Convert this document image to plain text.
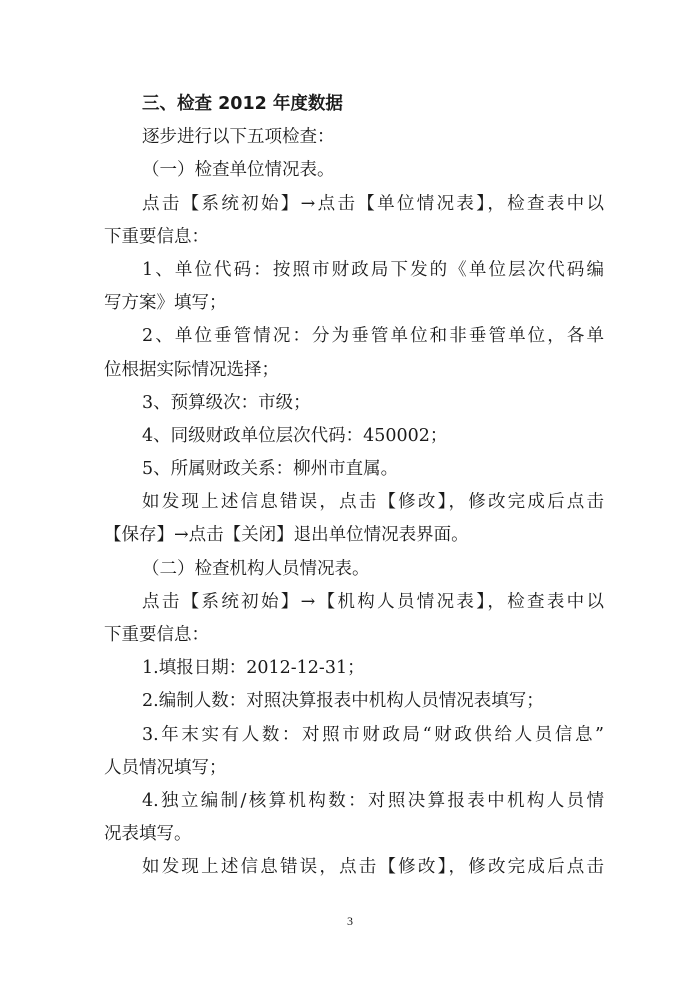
三、检查 2012 年度数据
逐步进行以下五项检查：
（一）检查单位情况表。
点击【系统初始】→点击【单位情况表】，检查表中以
下重要信息：
1、单位代码：按照市财政局下发的《单位层次代码编
写方案》填写；
2、单位垂管情况：分为垂管单位和非垂管单位，各单
位根据实际情况选择；
3、预算级次：市级；
4、同级财政单位层次代码：450002；
5、所属财政关系：柳州市直属。
如发现上述信息错误，点击【修改】，修改完成后点击
【保存】→点击【关闭】退出单位情况表界面。
（二）检查机构人员情况表。
点击【系统初始】→【机构人员情况表】，检查表中以
下重要信息：
1.填报日期：2012-12-31；
2.编制人数：对照决算报表中机构人员情况表填写；
3.年末实有人数：对照市财政局“财政供给人员信息”
人员情况填写；
4.独立编制/核算机构数：对照决算报表中机构人员情
况表填写。
如发现上述信息错误，点击【修改】，修改完成后点击
3
